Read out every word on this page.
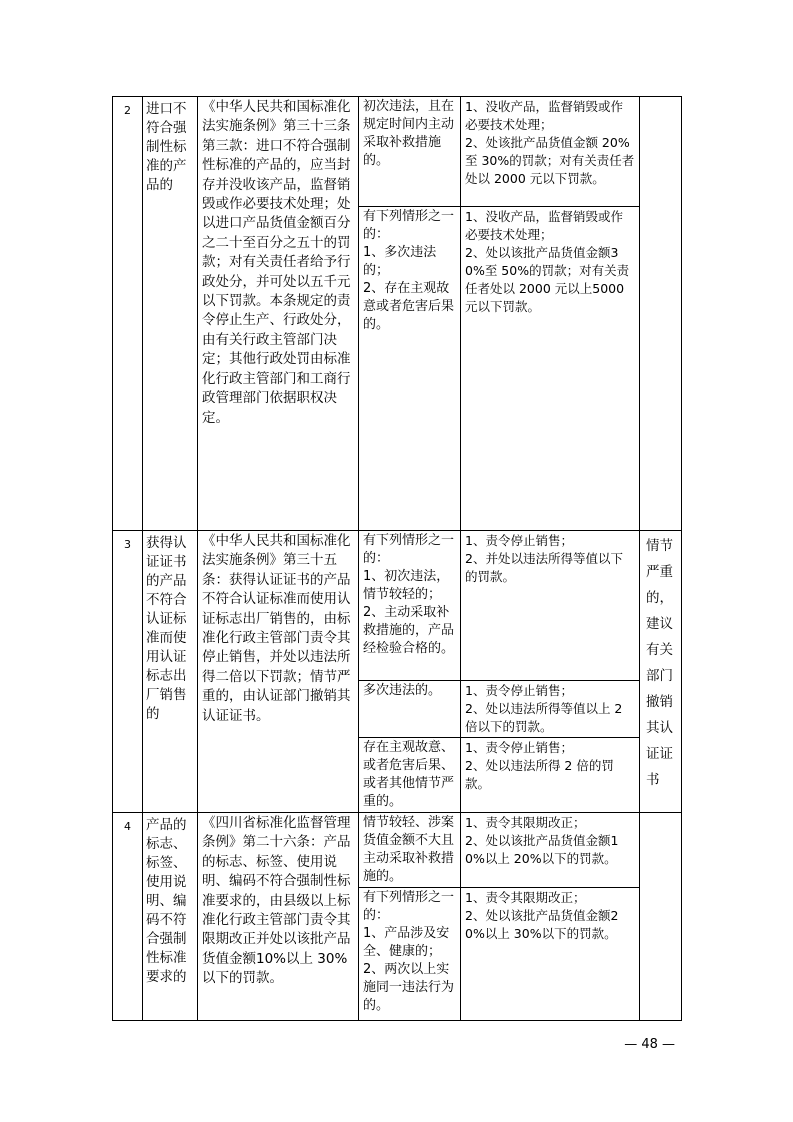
2	进口不符合强制性标准的产品的	《中华人民共和国标准化法实施条例》第三十三条第三款：进口不符合强制性标准的产品的，应当封存并没收该产品，监督销毁或作必要技术处理；处以进口产品货值金额百分之二十至百分之五十的罚款；对有关责任者给予行政处分，并可处以五千元以下罚款。本条规定的责令停止生产、行政处分，由有关行政主管部门决定；其他行政处罚由标准化行政主管部门和工商行政管理部门依据职权决定。	初次违法，且在规定时间内主动采取补救措施的。	1、没收产品，监督销毁或作必要技术处理；
2、处该批产品货值金额 20%至 30%的罚款；对有关责任者处以 2000 元以下罚款。	

			有下列情形之一的：
1、多次违法的；
2、存在主观故意或者危害后果的。	1、没收产品，监督销毁或作必要技术处理；
2、处以该批产品货值金额30%至 50%的罚款；对有关责任者处以 2000 元以上5000 元以下罚款。	

3	获得认证证书的产品不符合认证标准而使用认证标志出厂销售的	《中华人民共和国标准化法实施条例》第三十五条：获得认证证书的产品不符合认证标准而使用认证标志出厂销售的，由标准化行政主管部门责令其停止销售，并处以违法所得二倍以下罚款；情节严重的，由认证部门撤销其认证证书。	有下列情形之一的：
1、初次违法，情节较轻的；
2、主动采取补救措施的，产品经检验合格的。	1、责令停止销售；
2、并处以违法所得等值以下的罚款。	情节严重的，建议有关部门撤销其认证证书
			多次违法的。	1、责令停止销售；
2、处以违法所得等值以上 2 倍以下的罚款。	

			存在主观故意、或者危害后果、或者其他情节严重的。	1、责令停止销售；
2、处以违法所得 2 倍的罚款。	

4	产品的标志、标签、使用说明、编码不符合强制性标准要求的	《四川省标准化监督管理条例》第二十六条：产品的标志、标签、使用说明、编码不符合强制性标准要求的，由县级以上标准化行政主管部门责令其限期改正并处以该批产品货值金额10%以上 30%以下的罚款。	情节较轻、涉案货值金额不大且主动采取补救措施的。	1、责令其限期改正；
2、处以该批产品货值金额10%以上 20%以下的罚款。	

			有下列情形之一的：
1、产品涉及安全、健康的；
2、两次以上实施同一违法行为的。	1、责令其限期改正；
2、处以该批产品货值金额20%以上 30%以下的罚款。	
— 48 —
